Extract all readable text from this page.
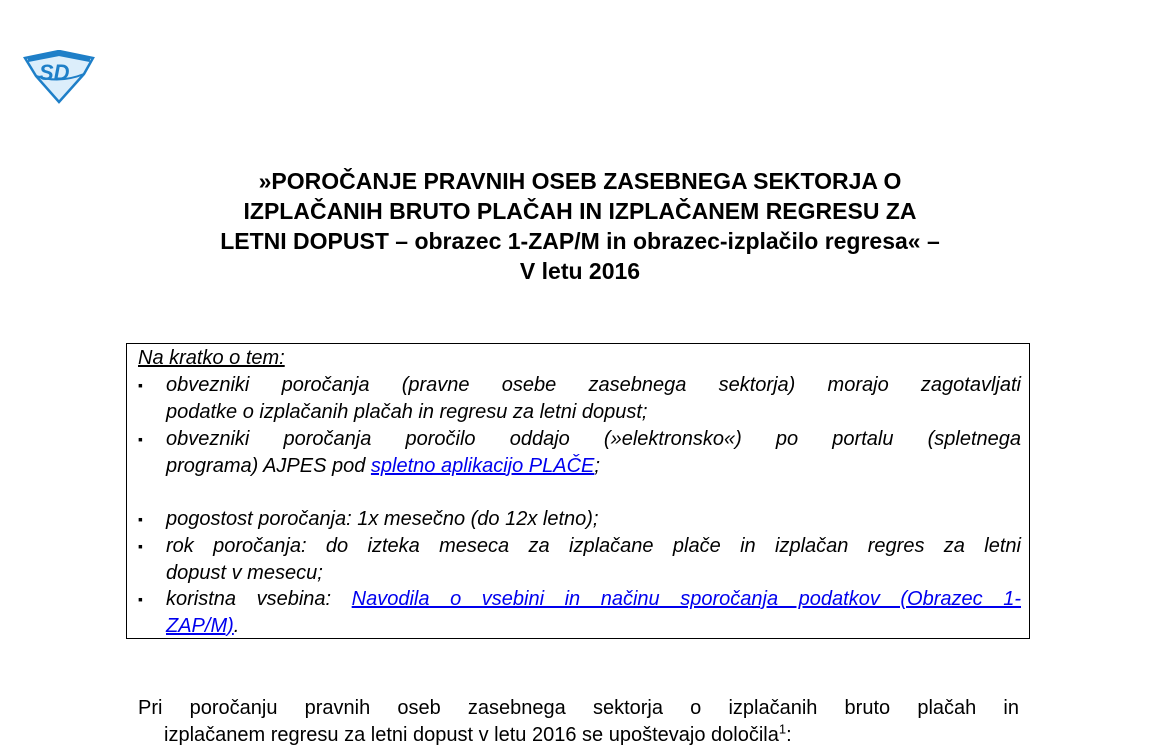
SD
»POROČANJE PRAVNIH OSEB ZASEBNEGA SEKTORJA O
IZPLAČANIH BRUTO PLAČAH IN IZPLAČANEM REGRESU ZA
LETNI DOPUST – obrazec 1-ZAP/M in obrazec-izplačilo regresa« –
V letu 2016
Na kratko o tem:
▪	obvezniki poročanja (pravne osebe zasebnega sektorja) morajo zagotavljati
podatke o izplačanih plačah in regresu za letni dopust;
▪	obvezniki poročanja poročilo oddajo (»elektronsko«) po portalu (spletnega
programa) AJPES pod spletno aplikacijo PLAČE;
▪	pogostost poročanja: 1x mesečno (do 12x letno);
▪	rok poročanja: do izteka meseca za izplačane plače in izplačan regres za letni
dopust v mesecu;
▪	koristna vsebina: Navodila o vsebini in načinu sporočanja podatkov (Obrazec 1-
ZAP/M).
Pri poročanju pravnih oseb zasebnega sektorja o izplačanih bruto plačah in
izplačanem regresu za letni dopust v letu 2016 se upoštevajo določila$^1$:
